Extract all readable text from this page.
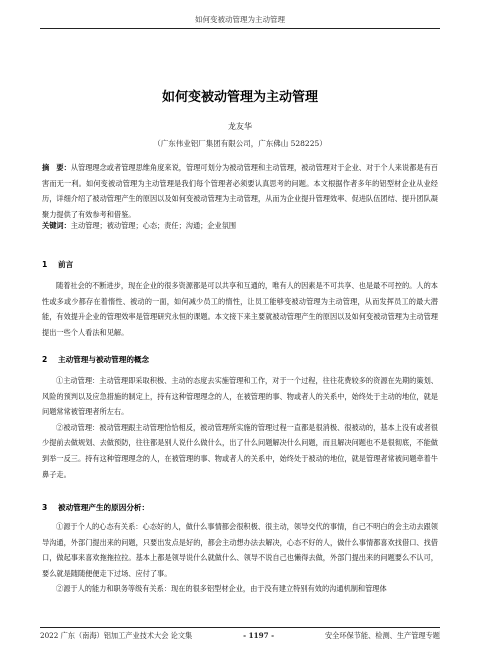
如何变被动管理为主动管理
如何变被动管理为主动管理
龙友华
（广东伟业铝厂集团有限公司，广东佛山 528225）
摘　要：从管理理念或者管理思维角度来说，管理可划分为被动管理和主动管理，被动管理对于企业、对于个人来说都是有百害而无一利。如何变被动管理为主动管理是我们每个管理者必须要认真思考的问题。本文根据作者多年的铝型材企业从业经历，详细介绍了被动管理产生的原因以及如何变被动管理为主动管理，从而为企业提升管理效率、促进队伍团结、提升团队凝聚力提供了有效参考和借鉴。
关键词：主动管理；被动管理；心态；责任；沟通；企业氛围
1 前言

随着社会的不断进步，现在企业的很多资源都是可以共享和互通的，唯有人的因素是不可共享、也是最不可控的。人的本性或多或少都存在着惰性、被动的一面，如何减少员工的惰性，让员工能够变被动管理为主动管理，从而发挥员工的最大潜能，有效提升企业的管理效率是管理研究永恒的课题。本文接下来主要就被动管理产生的原因以及如何变被动管理为主动管理提出一些个人看法和见解。

2 主动管理与被动管理的概念

①主动管理：主动管理即采取积极、主动的态度去实施管理和工作，对于一个过程，往往花费较多的资源在先期的策划、风险的预判以及应急措施的制定上，持有这种管理理念的人，在被管理的事、物或者人的关系中，始终处于主动的地位，就是问题常常被管理者所左右。

②被动管理：被动管理跟主动管理恰恰相反，被动管理所实施的管理过程一直都是很消极、很被动的，基本上没有或者很少提前去做规划、去做预防，往往都是别人说什么做什么，出了什么问题解决什么问题，而且解决问题也不是很彻底，不能做到举一反三。持有这种管理理念的人，在被管理的事、物或者人的关系中，始终处于被动的地位，就是管理者常被问题牵着牛鼻子走。

3 被动管理产生的原因分析：

①源于个人的心态有关系：心态好的人，做什么事情都会很积极、很主动，领导交代的事情，自己不明白的会主动去跟领导沟通，外部门提出来的问题，只要出发点是好的，都会主动想办法去解决，心态不好的人，做什么事情都喜欢找借口、找借口，做起事来喜欢拖拖拉拉。基本上都是领导说什么就做什么、领导不说自己也懒得去做，外部门提出来的问题要么不认可，要么就是随随便便走下过场、应付了事。

②源于人的能力和职务等级有关系：现在的很多铝型材企业，由于没有建立特别有效的沟通机制和管理体

2022 广东（南海）铝加工产业技术大会 论文集	- 1197 -	安全环保节能、检测、生产管理专题
